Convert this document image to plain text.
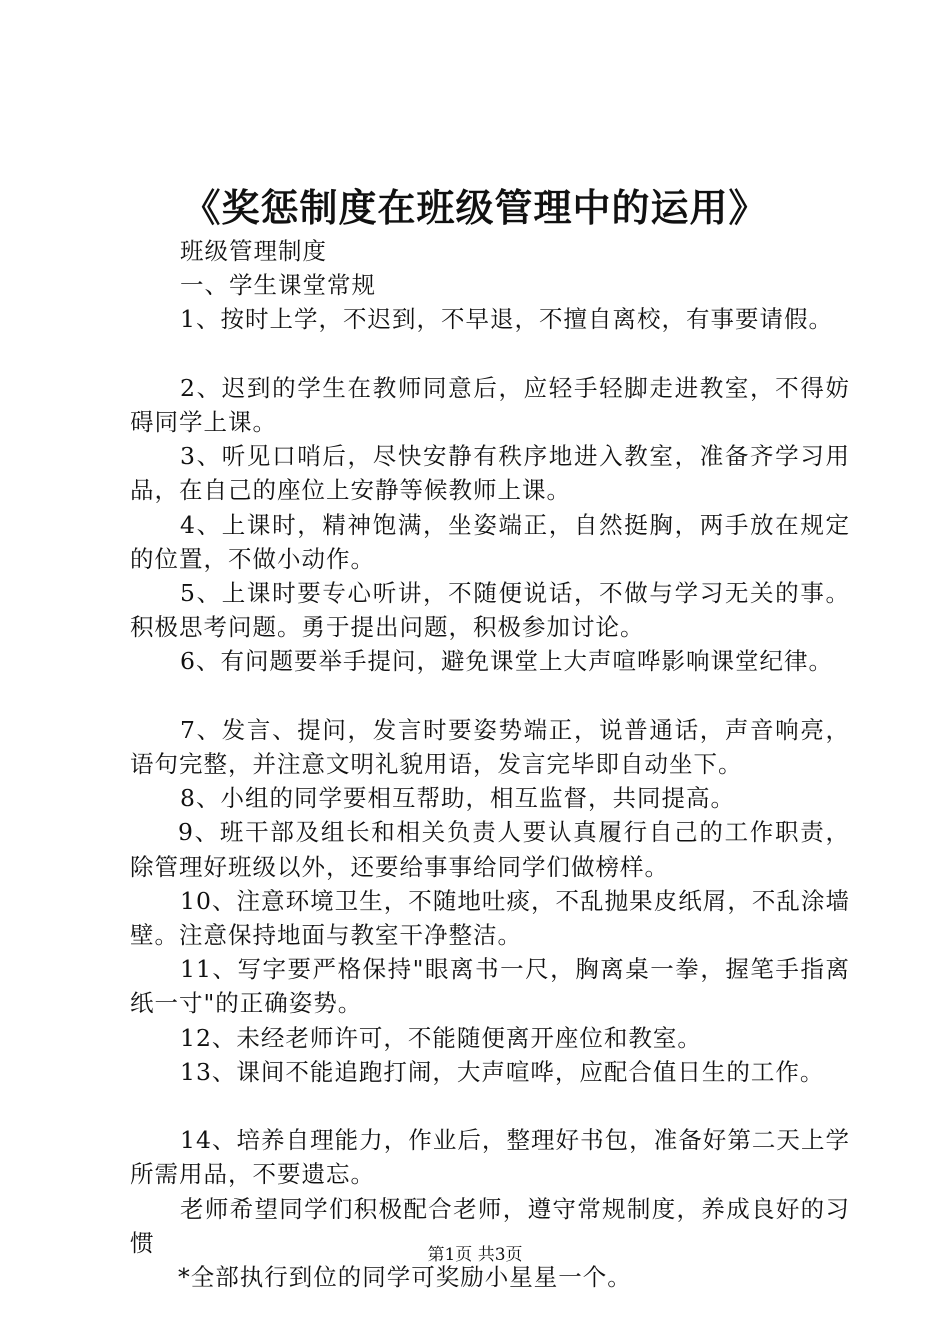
《奖惩制度在班级管理中的运用》

班级管理制度

一、学生课堂常规

1、按时上学，不迟到，不早退，不擅自离校，有事要请假。

2、迟到的学生在教师同意后，应轻手轻脚走进教室，不得妨碍同学上课。

3、听见口哨后，尽快安静有秩序地进入教室，准备齐学习用品，在自己的座位上安静等候教师上课。

4、上课时，精神饱满，坐姿端正，自然挺胸，两手放在规定的位置，不做小动作。

5、上课时要专心听讲，不随便说话，不做与学习无关的事。积极思考问题。勇于提出问题，积极参加讨论。

6、有问题要举手提问，避免课堂上大声喧哗影响课堂纪律。

7、发言、提问，发言时要姿势端正，说普通话，声音响亮，语句完整，并注意文明礼貌用语，发言完毕即自动坐下。

8、小组的同学要相互帮助，相互监督，共同提高。

9、班干部及组长和相关负责人要认真履行自己的工作职责，除管理好班级以外，还要给事事给同学们做榜样。

10、注意环境卫生，不随地吐痰，不乱抛果皮纸屑，不乱涂墙壁。注意保持地面与教室干净整洁。

11、写字要严格保持"眼离书一尺，胸离桌一拳，握笔手指离纸一寸"的正确姿势。

12、未经老师许可，不能随便离开座位和教室。

13、课间不能追跑打闹，大声喧哗，应配合值日生的工作。

14、培养自理能力，作业后，整理好书包，准备好第二天上学所需用品，不要遗忘。

老师希望同学们积极配合老师，遵守常规制度，养成良好的习惯

*全部执行到位的同学可奖励小星星一个。

第1页 共3页
